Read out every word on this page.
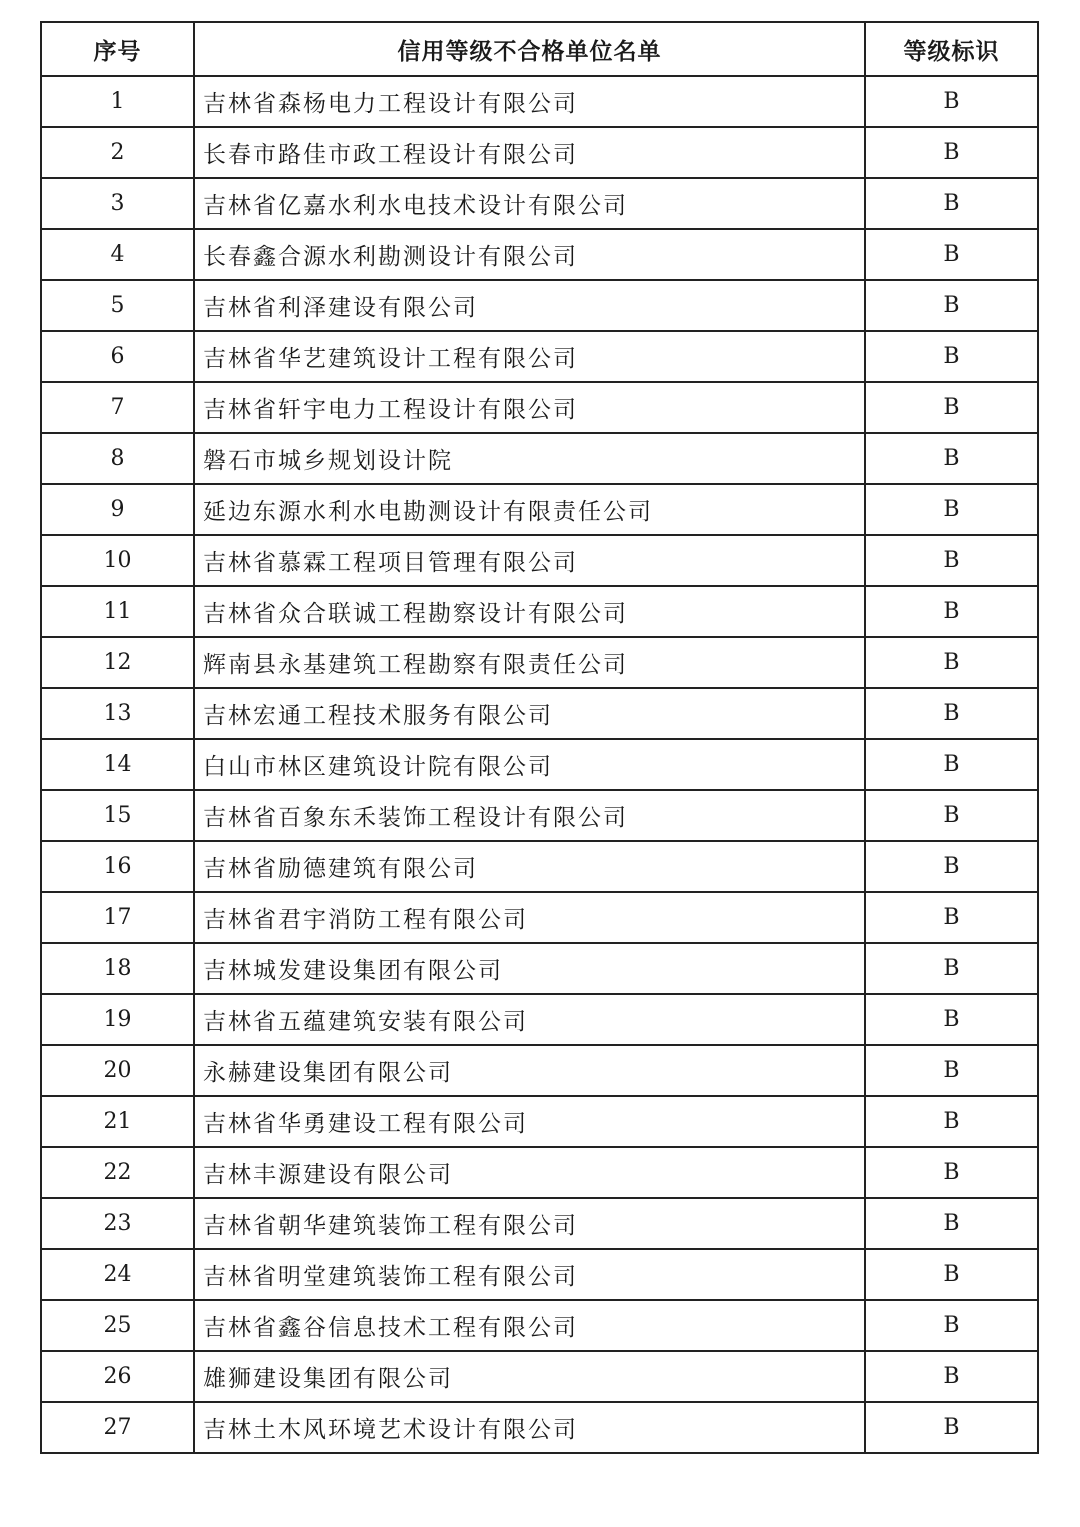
序号	信用等级不合格单位名单	等级标识
1	吉林省森杨电力工程设计有限公司	B
2	长春市路佳市政工程设计有限公司	B
3	吉林省亿嘉水利水电技术设计有限公司	B
4	长春鑫合源水利勘测设计有限公司	B
5	吉林省利泽建设有限公司	B
6	吉林省华艺建筑设计工程有限公司	B
7	吉林省轩宇电力工程设计有限公司	B
8	磐石市城乡规划设计院	B
9	延边东源水利水电勘测设计有限责任公司	B
10	吉林省慕霖工程项目管理有限公司	B
11	吉林省众合联诚工程勘察设计有限公司	B
12	辉南县永基建筑工程勘察有限责任公司	B
13	吉林宏通工程技术服务有限公司	B
14	白山市林区建筑设计院有限公司	B
15	吉林省百象东禾装饰工程设计有限公司	B
16	吉林省励德建筑有限公司	B
17	吉林省君宇消防工程有限公司	B
18	吉林城发建设集团有限公司	B
19	吉林省五蕴建筑安装有限公司	B
20	永赫建设集团有限公司	B
21	吉林省华勇建设工程有限公司	B
22	吉林丰源建设有限公司	B
23	吉林省朝华建筑装饰工程有限公司	B
24	吉林省明堂建筑装饰工程有限公司	B
25	吉林省鑫谷信息技术工程有限公司	B
26	雄狮建设集团有限公司	B
27	吉林土木风环境艺术设计有限公司	B
